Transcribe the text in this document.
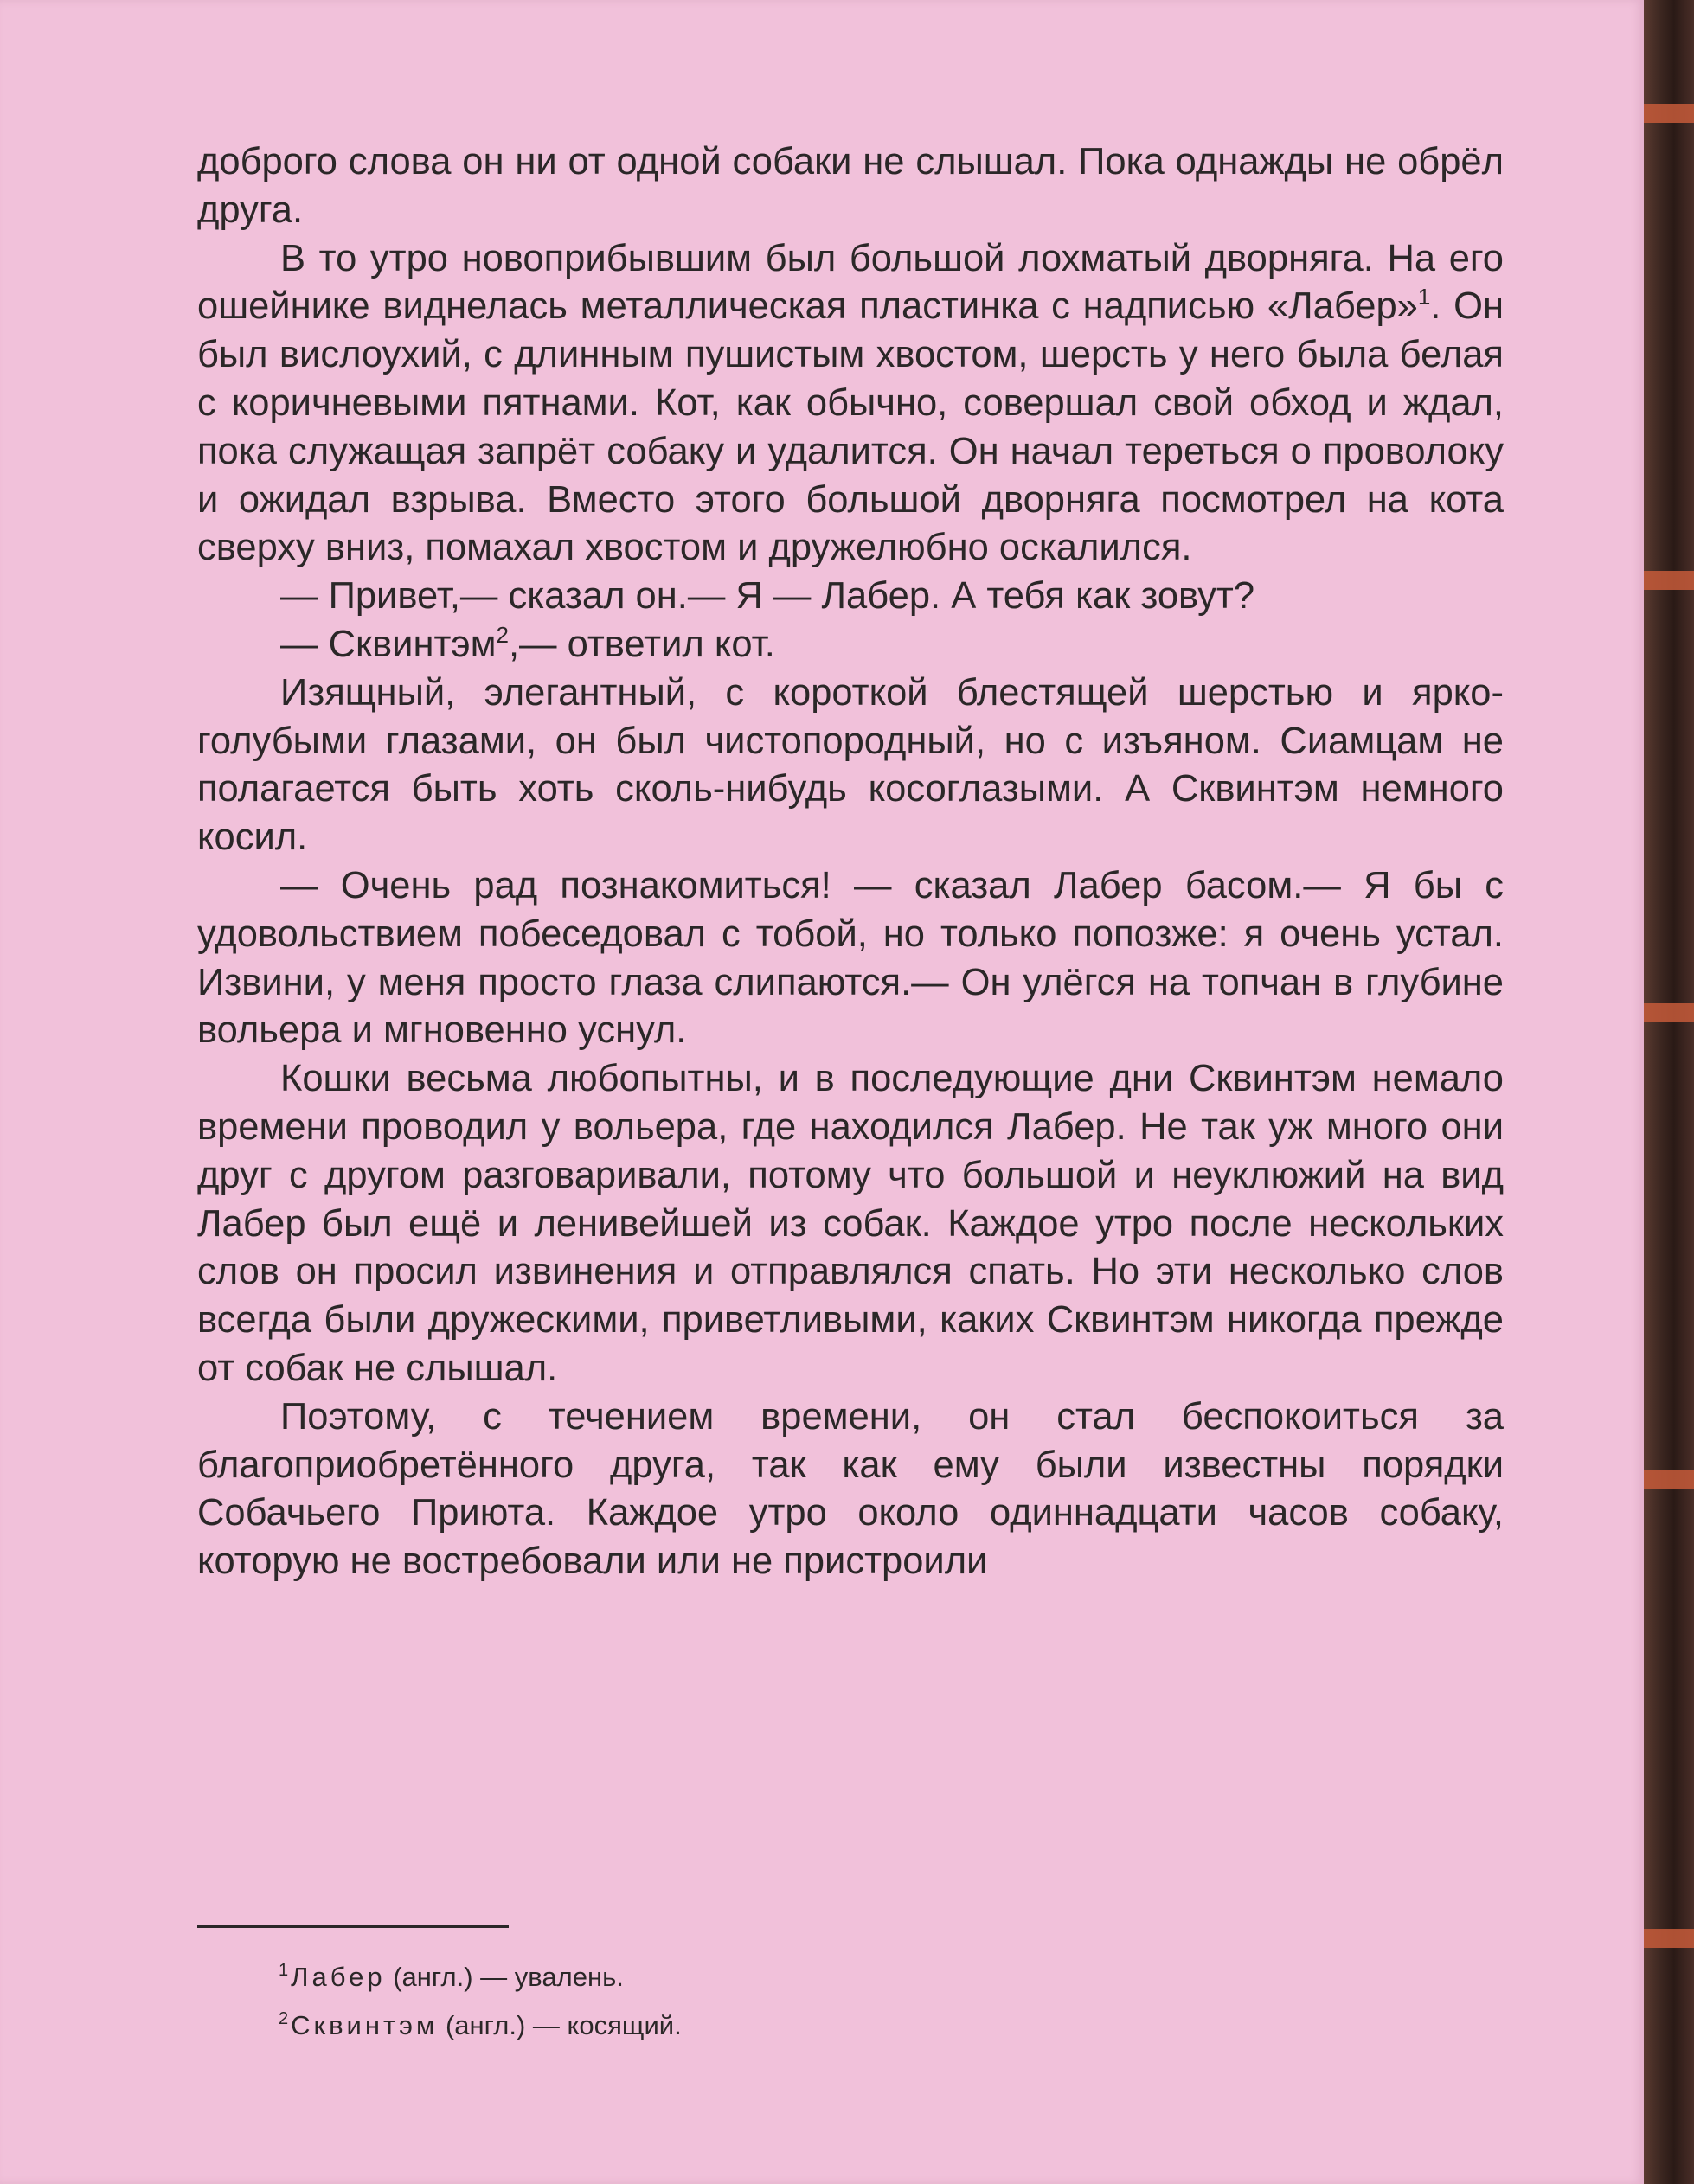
доброго слова он ни от одной собаки не слышал. Пока однажды не обрёл друга.

В то утро новоприбывшим был большой лохматый дворняга. На его ошейнике виднелась металлическая пластинка с надписью «Лабер»$^1$. Он был вислоухий, с длинным пушистым хвостом, шерсть у него была белая с коричневыми пятнами. Кот, как обычно, совершал свой обход и ждал, пока служащая запрёт собаку и удалится. Он начал тереться о проволоку и ожидал взрыва. Вместо этого большой дворняга посмотрел на кота сверху вниз, помахал хвостом и дружелюбно оскалился.

— Привет,— сказал он.— Я — Лабер. А тебя как зовут?

— Сквинтэм$^2$,— ответил кот.

Изящный, элегантный, с короткой блестящей шерстью и ярко-голубыми глазами, он был чистопородный, но с изъяном. Сиамцам не полагается быть хоть сколь-нибудь косоглазыми. А Сквинтэм немного косил.

— Очень рад познакомиться! — сказал Лабер басом.— Я бы с удовольствием побеседовал с тобой, но только попозже: я очень устал. Извини, у меня просто глаза слипаются.— Он улёгся на топчан в глубине вольера и мгновенно уснул.

Кошки весьма любопытны, и в последующие дни Сквинтэм немало времени проводил у вольера, где находился Лабер. Не так уж много они друг с другом разговаривали, потому что большой и неуклюжий на вид Лабер был ещё и ленивейшей из собак. Каждое утро после нескольких слов он просил извинения и отправлялся спать. Но эти несколько слов всегда были дружескими, приветливыми, каких Сквинтэм никогда прежде от собак не слышал.

Поэтому, с течением времени, он стал беспокоиться за благоприобретённого друга, так как ему были известны порядки Собачьего Приюта. Каждое утро около одиннадцати часов собаку, которую не востребовали или не пристроили

$^1$Лабер (англ.) — увалень.

$^2$Сквинтэм (англ.) — косящий.
